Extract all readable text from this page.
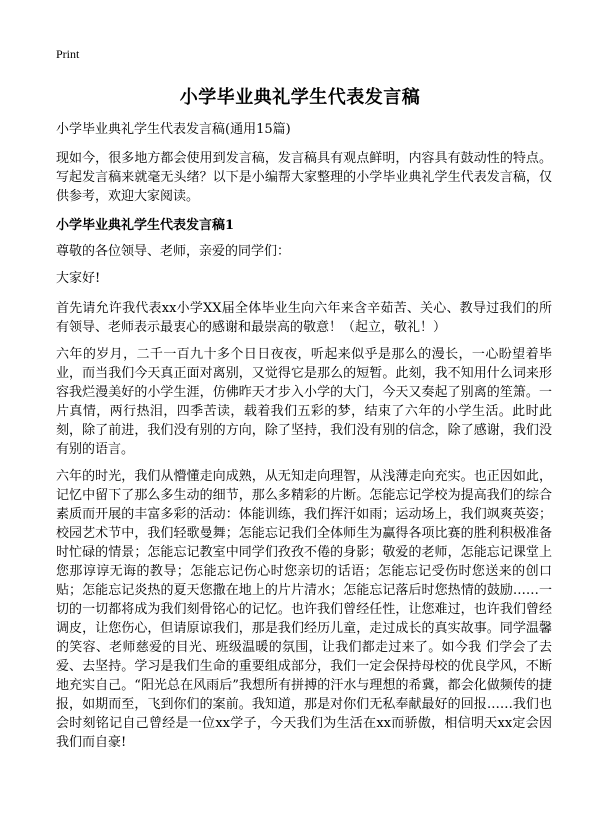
Print
小学毕业典礼学生代表发言稿
小学毕业典礼学生代表发言稿(通用15篇)

现如今，很多地方都会使用到发言稿，发言稿具有观点鲜明，内容具有鼓动性的特点。写起发言稿来就毫无头绪？以下是小编帮大家整理的小学毕业典礼学生代表发言稿，仅供参考，欢迎大家阅读。

小学毕业典礼学生代表发言稿1

尊敬的各位领导、老师，亲爱的同学们：

大家好!

首先请允许我代表xx小学XX届全体毕业生向六年来含辛茹苦、关心、教导过我们的所有领导、老师表示最衷心的感谢和最崇高的敬意！（起立，敬礼！）

六年的岁月，二千一百九十多个日日夜夜，听起来似乎是那么的漫长，一心盼望着毕业，而当我们今天真正面对离别，又觉得它是那么的短暂。此刻，我不知用什么词来形容我烂漫美好的小学生涯，仿佛昨天才步入小学的大门，今天又奏起了别离的笙箫。一片真情，两行热泪，四季苦读，载着我们五彩的梦，结束了六年的小学生活。此时此刻，除了前进，我们没有别的方向，除了坚持，我们没有别的信念，除了感谢，我们没有别的语言。

六年的时光，我们从懵懂走向成熟，从无知走向理智，从浅薄走向充实。也正因如此，记忆中留下了那么多生动的细节，那么多精彩的片断。怎能忘记学校为提高我们的综合素质而开展的丰富多彩的活动：体能训练，我们挥汗如雨；运动场上，我们飒爽英姿；校园艺术节中，我们轻歌曼舞；怎能忘记我们全体师生为赢得各项比赛的胜利积极准备时忙碌的情景；怎能忘记教室中同学们孜孜不倦的身影；敬爱的老师，怎能忘记课堂上您那谆谆无诲的教导；怎能忘记伤心时您亲切的话语；怎能忘记受伤时您送来的创口贴；怎能忘记炎热的夏天您撒在地上的片片清水；怎能忘记落后时您热情的鼓励……一切的一切都将成为我们刻骨铭心的记忆。也许我们曾经任性，让您难过，也许我们曾经调皮，让您伤心，但请原谅我们，那是我们经历儿童，走过成长的真实故事。同学温馨的笑容、老师慈爱的目光、班级温暖的氛围，让我们都走过来了。如今我 们学会了去爱、去坚持。学习是我们生命的重要组成部分，我们一定会保持母校的优良学风，不断地充实自己。“阳光总在风雨后”我想所有拼搏的汗水与理想的希冀，都会化做频传的捷报，如期而至，飞到你们的案前。我知道，那是对你们无私奉献最好的回报……我们也会时刻铭记自己曾经是一位xx学子，今天我们为生活在xx而骄傲，相信明天xx定会因我们而自豪!
